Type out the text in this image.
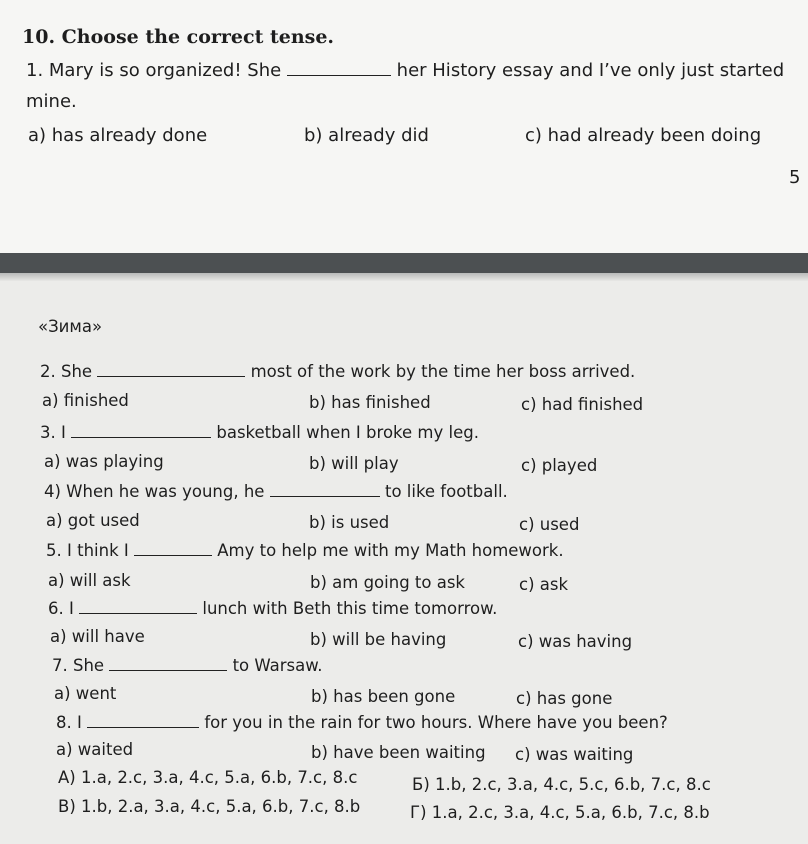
10. Choose the correct tense.
1. Mary is so organized! She	her History essay and I’ve only just started
mine.
a) has already done	b) already did	c) had already been doing
5
«Зима»
2. She	most of the work by the time her boss arrived.
a) finished	b) has finished	c) had finished
3. I	basketball when I broke my leg.
a) was playing	b) will play	c) played
4) When he was young, he	to like football.
a) got used	b) is used	c) used
5. I think I	Amy to help me with my Math homework.
a) will ask	b) am going to ask	c) ask
6. I	lunch with Beth this time tomorrow.
a) will have	b) will be having	c) was having
7. She	to Warsaw.
a) went	b) has been gone	c) has gone
8. I	for you in the rain for two hours. Where have you been?
a) waited	b) have been waiting c) was waiting
А) 1.a, 2.c, 3.a, 4.c, 5.a, 6.b, 7.c, 8.c	Б) 1.b, 2.c, 3.a, 4.c, 5.c, 6.b, 7.c, 8.c
В) 1.b, 2.a, 3.a, 4.c, 5.a, 6.b, 7.c, 8.b	Г) 1.a, 2.c, 3.a, 4.c, 5.a, 6.b, 7.c, 8.b
